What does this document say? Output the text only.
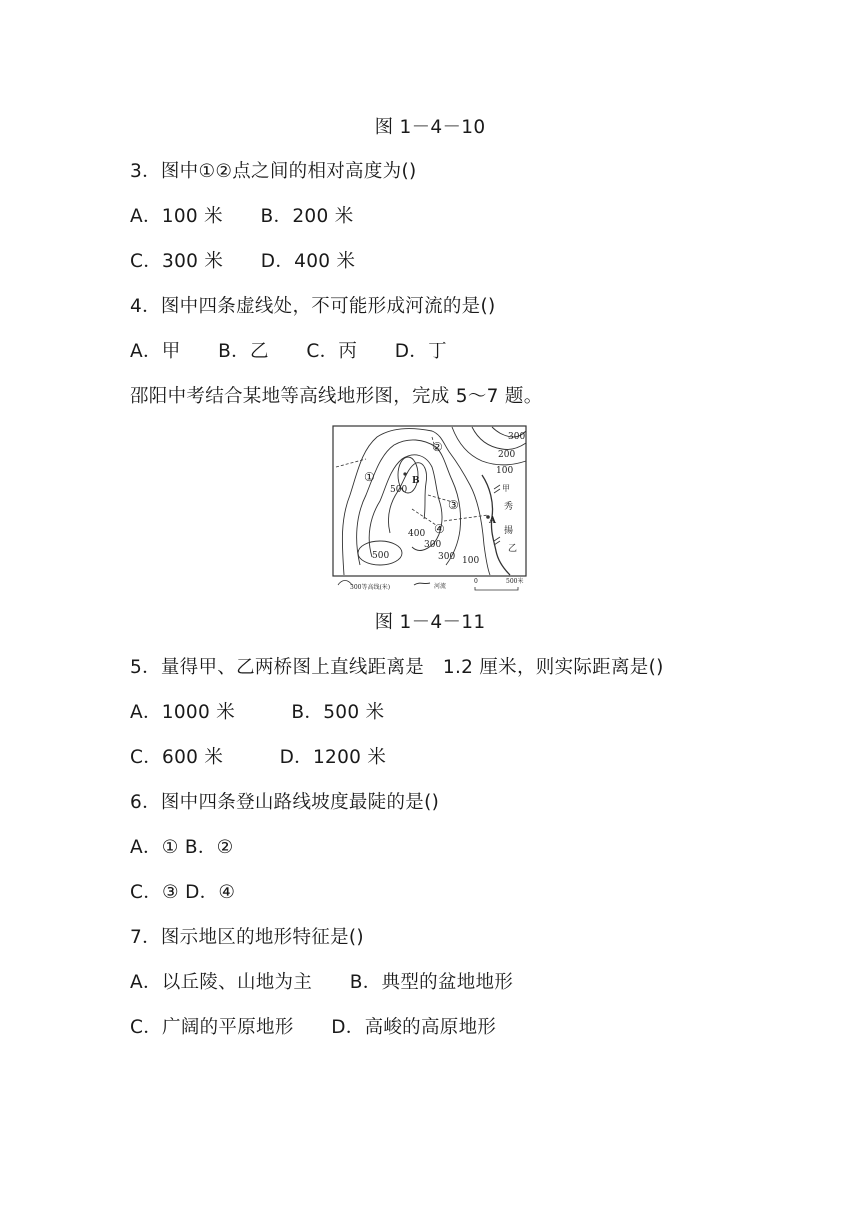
图 1－4－10
3．图中①②点之间的相对高度为()
A．100 米　　B．200 米
C．300 米　　D．400 米
4．图中四条虚线处，不可能形成河流的是()
A．甲　　B．乙　　C．丙　　D．丁
邵阳中考结合某地等高线地形图，完成 5～7 题。
300
200
100
500
400
300
300 100
500
①
②
③
④
A
B
甲
秀
揚
乙
300等高线(米)	河流
0	500米
图 1－4－11
5．量得甲、乙两桥图上直线距离是　1.2 厘米，则实际距离是()
A．1000 米　　　B．500 米
C．600 米　　　D．1200 米
6．图中四条登山路线坡度最陡的是()
A．① B．②
C．③ D．④
7．图示地区的地形特征是()
A．以丘陵、山地为主　　B．典型的盆地地形
C．广阔的平原地形　　D．高峻的高原地形
